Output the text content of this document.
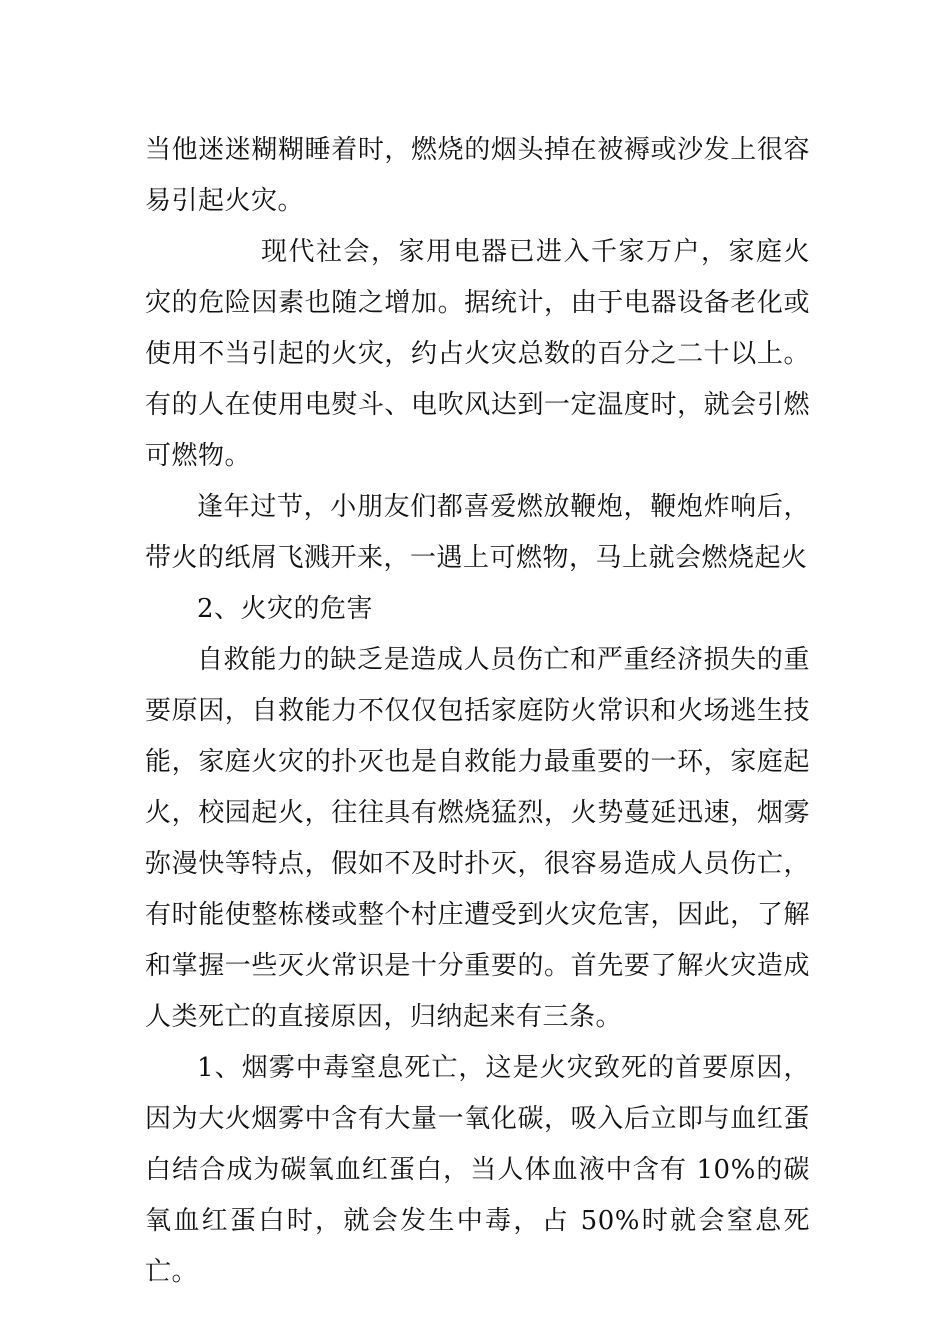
当他迷迷糊糊睡着时，燃烧的烟头掉在被褥或沙发上很容易引起火灾。

现代社会，家用电器已进入千家万户，家庭火灾的危险因素也随之增加。据统计，由于电器设备老化或使用不当引起的火灾，约占火灾总数的百分之二十以上。有的人在使用电熨斗、电吹风达到一定温度时，就会引燃可燃物。

逢年过节，小朋友们都喜爱燃放鞭炮，鞭炮炸响后，带火的纸屑飞溅开来，一遇上可燃物，马上就会燃烧起火

2、火灾的危害

自救能力的缺乏是造成人员伤亡和严重经济损失的重要原因，自救能力不仅仅包括家庭防火常识和火场逃生技能，家庭火灾的扑灭也是自救能力最重要的一环，家庭起火，校园起火，往往具有燃烧猛烈，火势蔓延迅速，烟雾弥漫快等特点，假如不及时扑灭，很容易造成人员伤亡，有时能使整栋楼或整个村庄遭受到火灾危害，因此，了解和掌握一些灭火常识是十分重要的。首先要了解火灾造成人类死亡的直接原因，归纳起来有三条。

1、烟雾中毒窒息死亡，这是火灾致死的首要原因，因为大火烟雾中含有大量一氧化碳，吸入后立即与血红蛋白结合成为碳氧血红蛋白，当人体血液中含有 10%的碳氧血红蛋白时，就会发生中毒，占 50%时就会窒息死亡。
